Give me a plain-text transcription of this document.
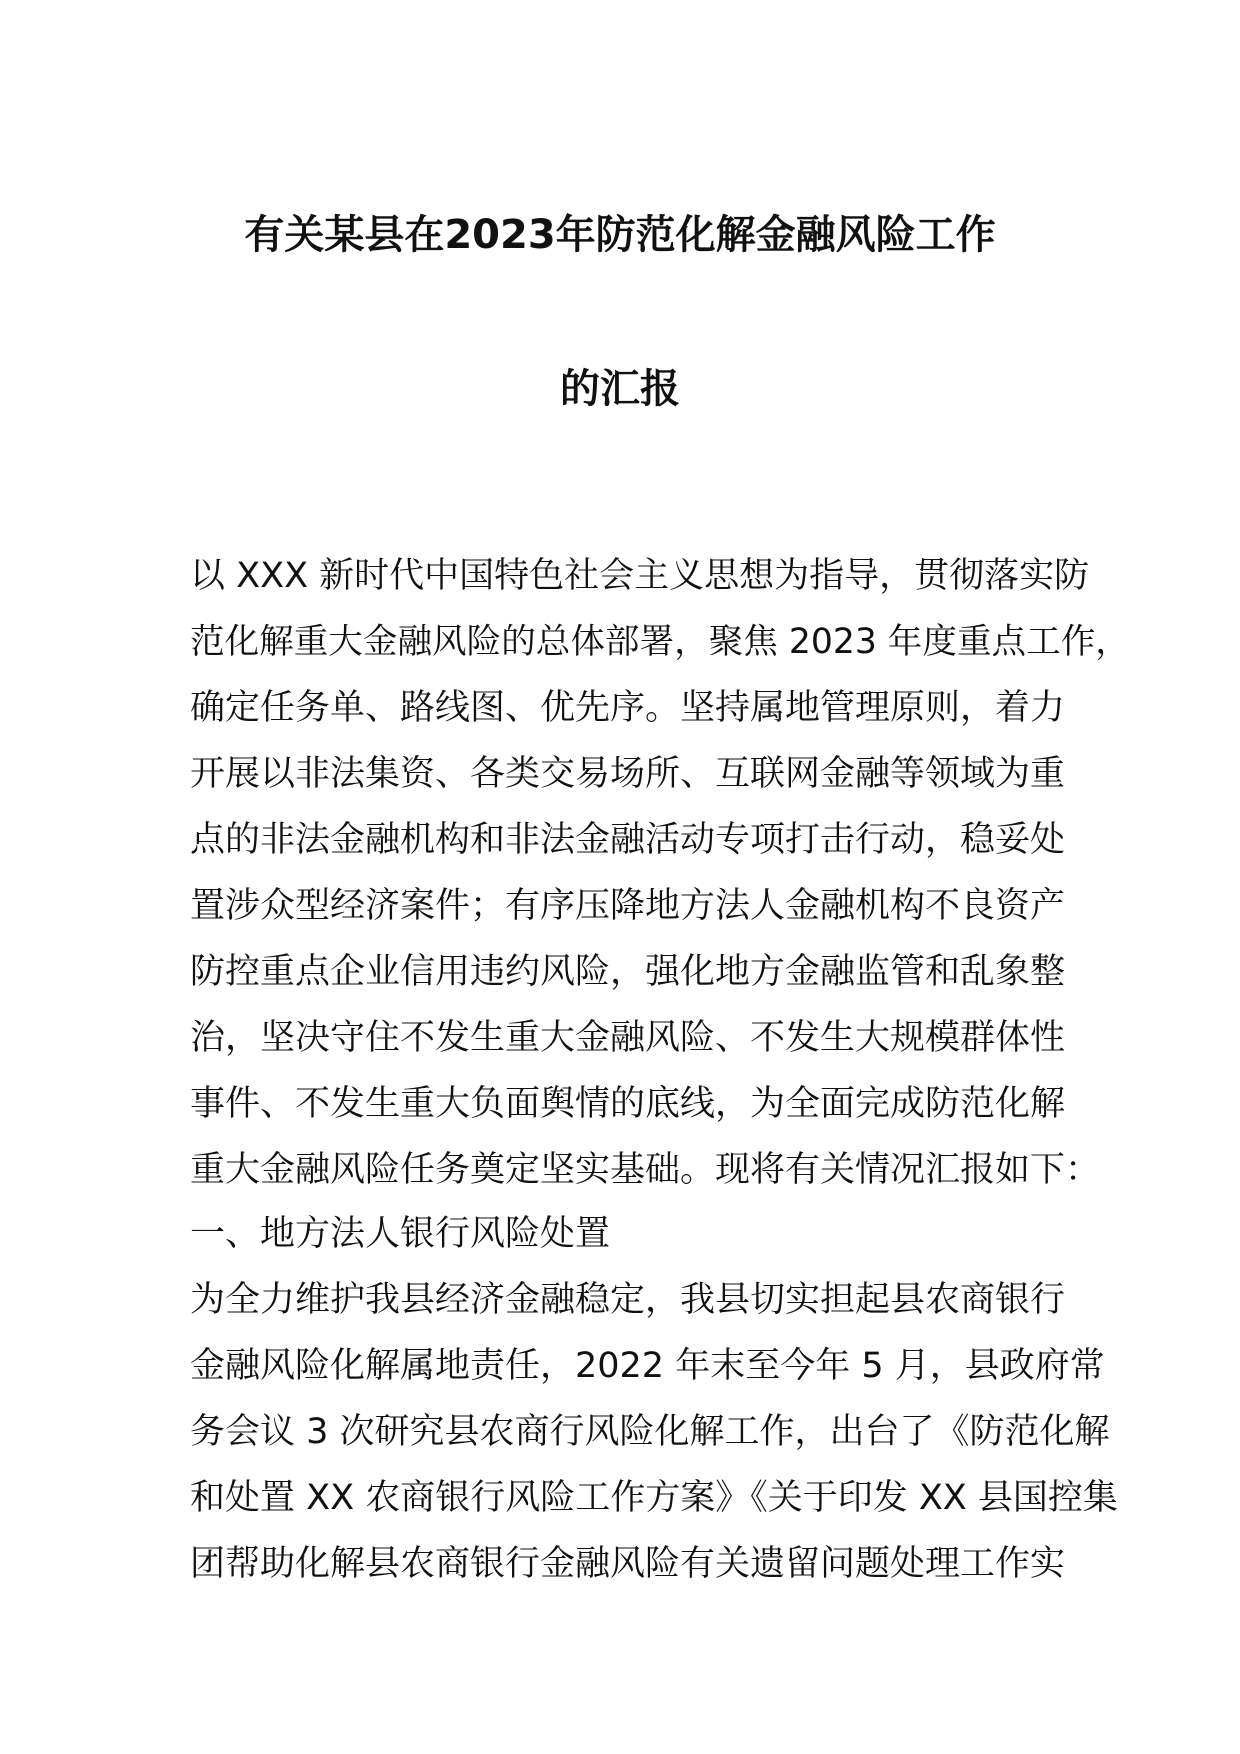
有关某县在2023年防范化解金融风险工作
的汇报
以 XXX 新时代中国特色社会主义思想为指导，贯彻落实防
范化解重大金融风险的总体部署，聚焦 2023 年度重点工作，
确定任务单、路线图、优先序。坚持属地管理原则，着力
开展以非法集资、各类交易场所、互联网金融等领域为重
点的非法金融机构和非法金融活动专项打击行动，稳妥处
置涉众型经济案件；有序压降地方法人金融机构不良资产
防控重点企业信用违约风险，强化地方金融监管和乱象整
治，坚决守住不发生重大金融风险、不发生大规模群体性
事件、不发生重大负面舆情的底线，为全面完成防范化解
重大金融风险任务奠定坚实基础。现将有关情况汇报如下：
一、地方法人银行风险处置
为全力维护我县经济金融稳定，我县切实担起县农商银行
金融风险化解属地责任，2022 年末至今年 5 月，县政府常
务会议 3 次研究县农商行风险化解工作，出台了《防范化解
和处置 XX 农商银行风险工作方案》《关于印发 XX 县国控集
团帮助化解县农商银行金融风险有关遗留问题处理工作实
